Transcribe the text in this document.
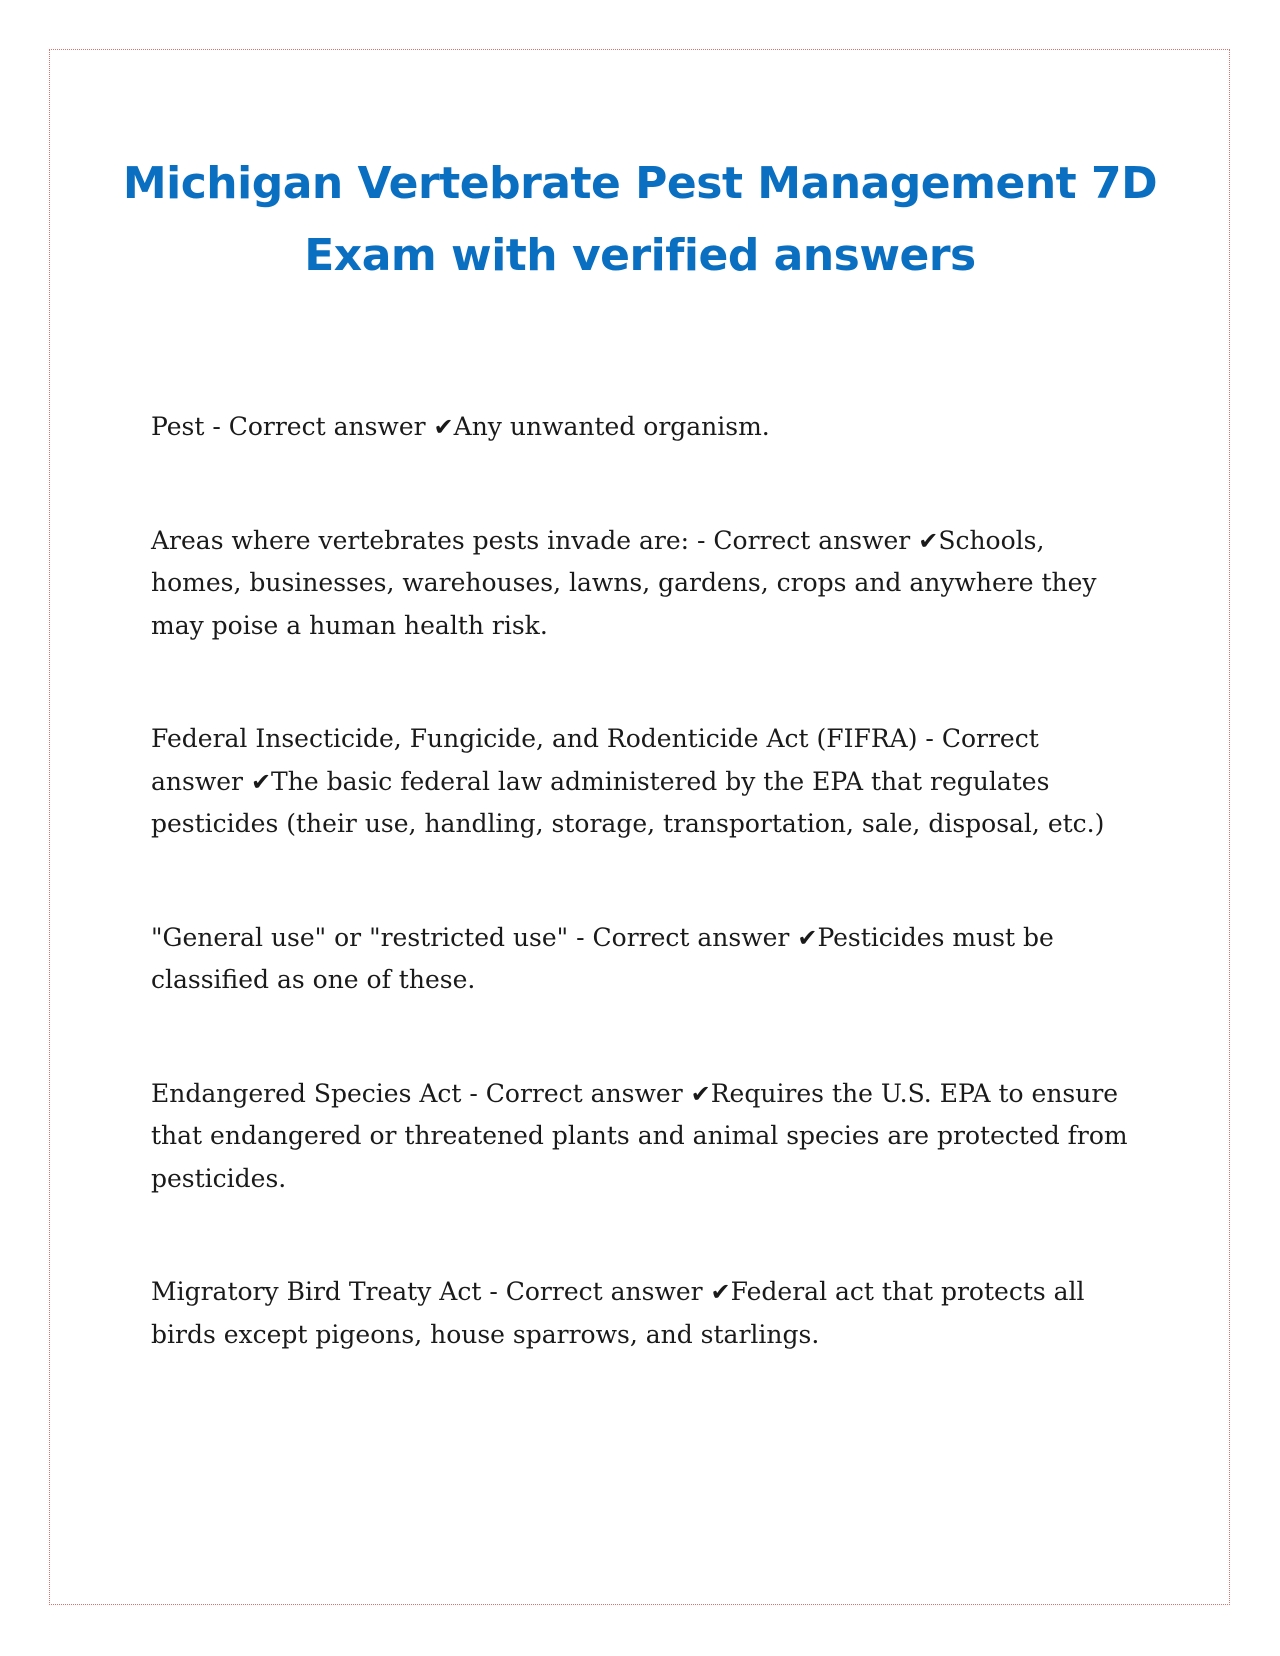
Michigan Vertebrate Pest Management 7D Exam with verified answers
Pest - Correct answer ✔Any unwanted organism.
Areas where vertebrates pests invade are: - Correct answer ✔Schools, homes, businesses, warehouses, lawns, gardens, crops and anywhere they may poise a human health risk.
Federal Insecticide, Fungicide, and Rodenticide Act (FIFRA) - Correct answer ✔The basic federal law administered by the EPA that regulates pesticides (their use, handling, storage, transportation, sale, disposal, etc.)
"General use" or "restricted use" - Correct answer ✔Pesticides must be classified as one of these.
Endangered Species Act - Correct answer ✔Requires the U.S. EPA to ensure that endangered or threatened plants and animal species are protected from pesticides.
Migratory Bird Treaty Act - Correct answer ✔Federal act that protects all birds except pigeons, house sparrows, and starlings.
